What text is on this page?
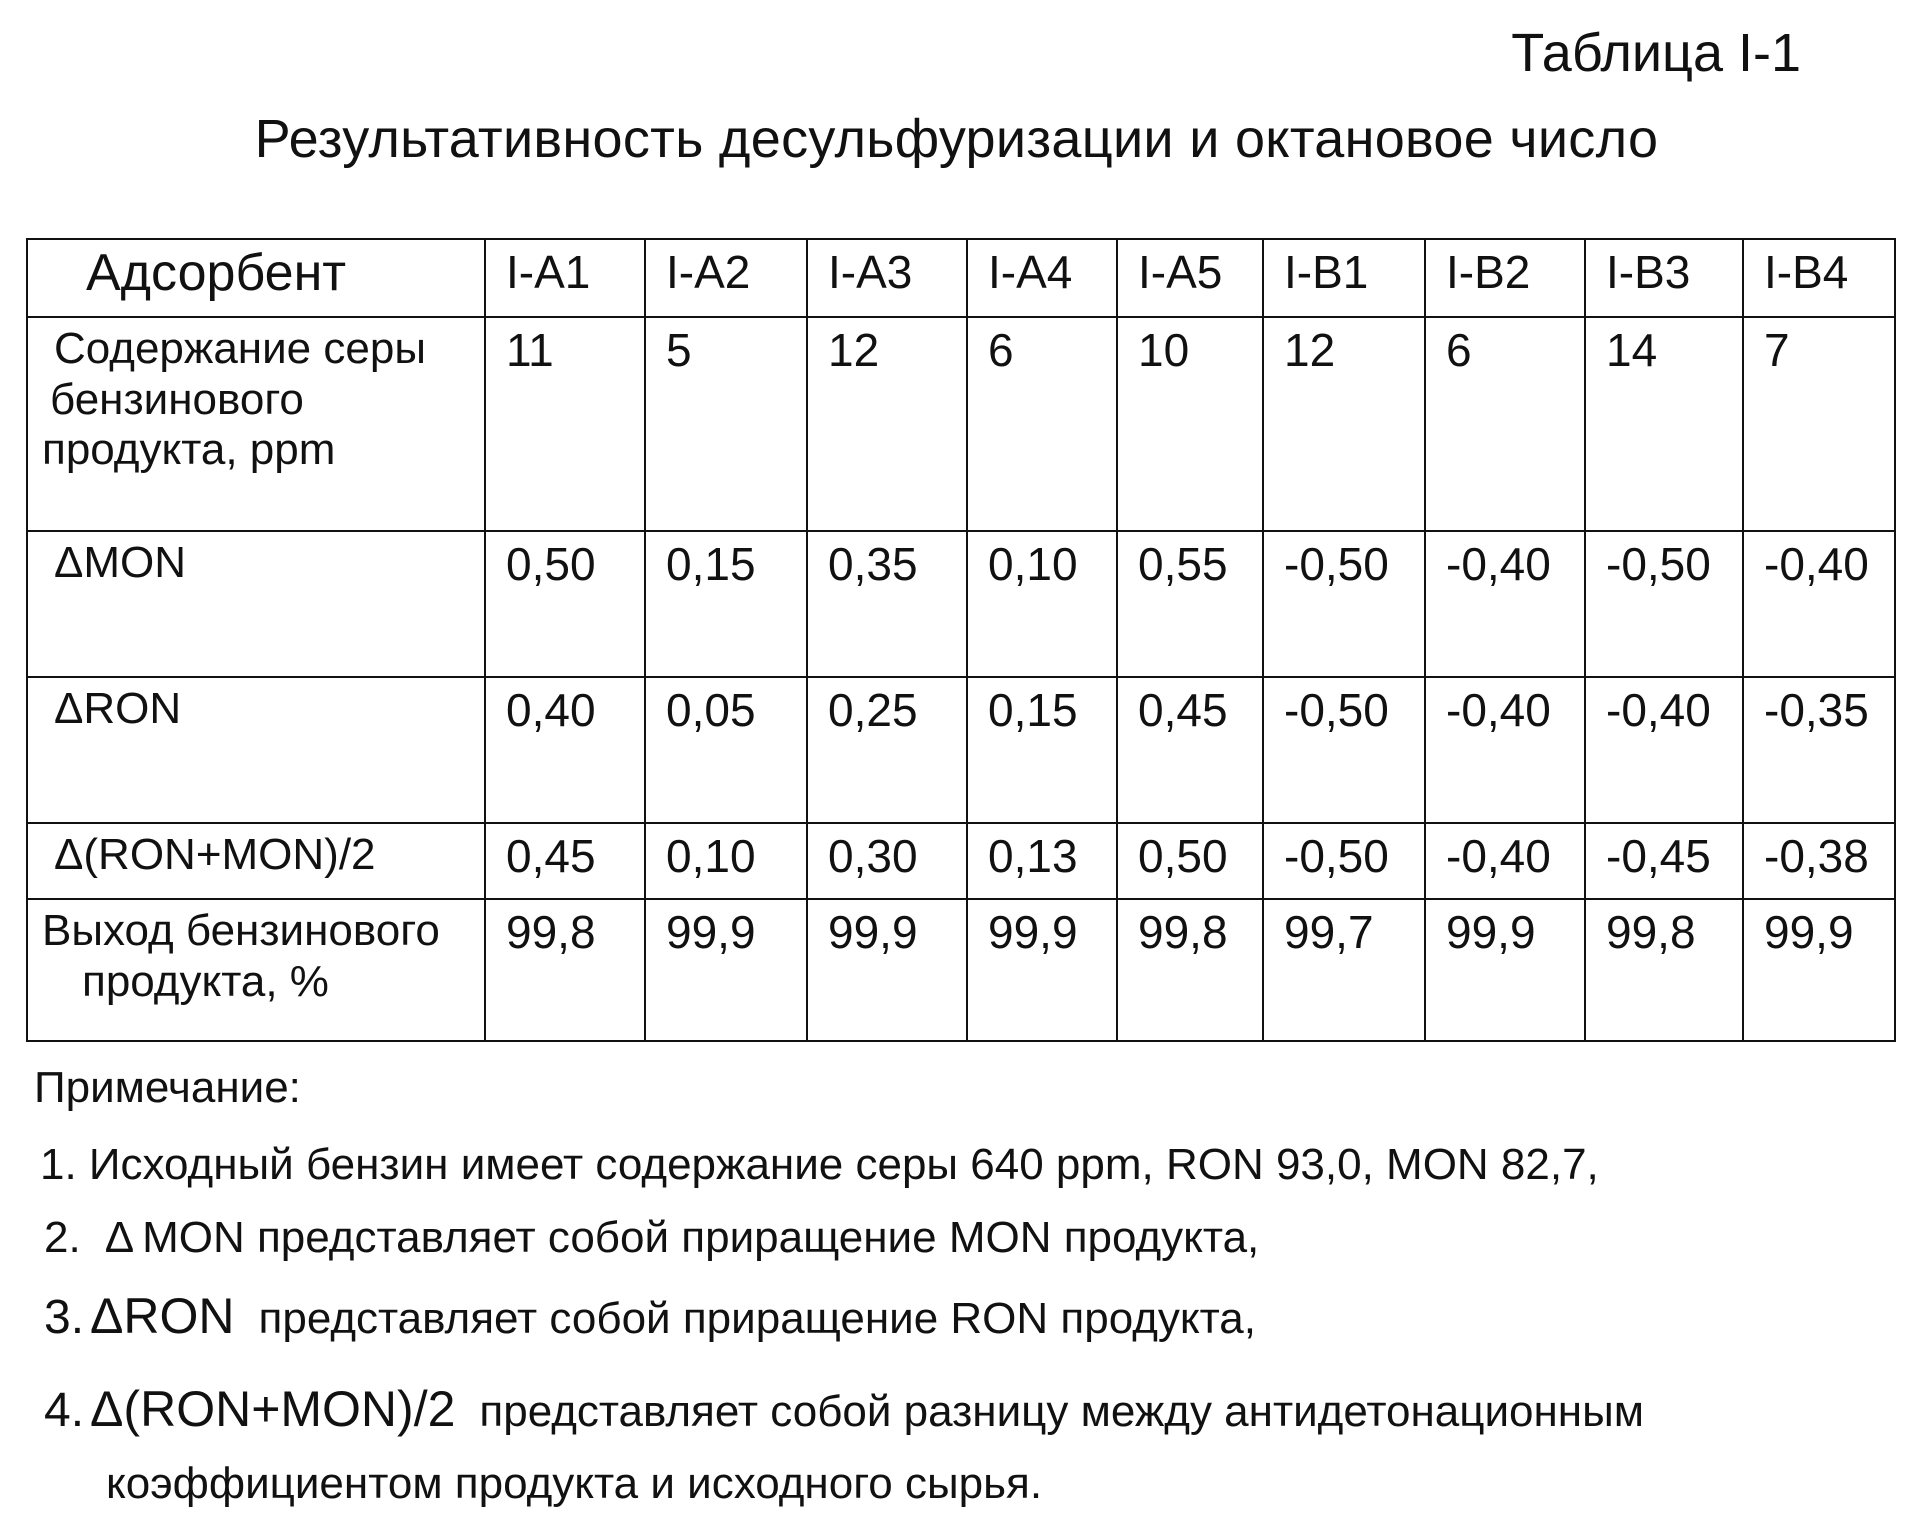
Таблица I-1
Результативность десульфуризации и октановое число
Адсорбент	I-A1	I-A2	I-A3	I-A4	I-A5	I-B1	I-B2	I-B3	I-B4

Содержание серы
бензинового
продукта, ppm	11	5	12	6	10	12	6	14	7
ΔMON	0,50	0,15	0,35	0,10	0,55	-0,50	-0,40	-0,50	-0,40
ΔRON	0,40	0,05	0,25	0,15	0,45	-0,50	-0,40	-0,40	-0,35
Δ(RON+MON)/2	0,45	0,10	0,30	0,13	0,50	-0,50	-0,40	-0,45	-0,38

Выход бензинового
продукта, %	99,8	99,9	99,9	99,9	99,8	99,7	99,9	99,8	99,9

Примечание:

1. Исходный бензин имеет содержание серы 640 ppm, RON 93,0, MON 82,7,

2. Δ MON представляет собой приращение MON продукта,

3. ΔRON представляет собой приращение RON продукта,

4. Δ(RON+MON)/2 представляет собой разницу между антидетонационным
коэффициентом продукта и исходного сырья.
